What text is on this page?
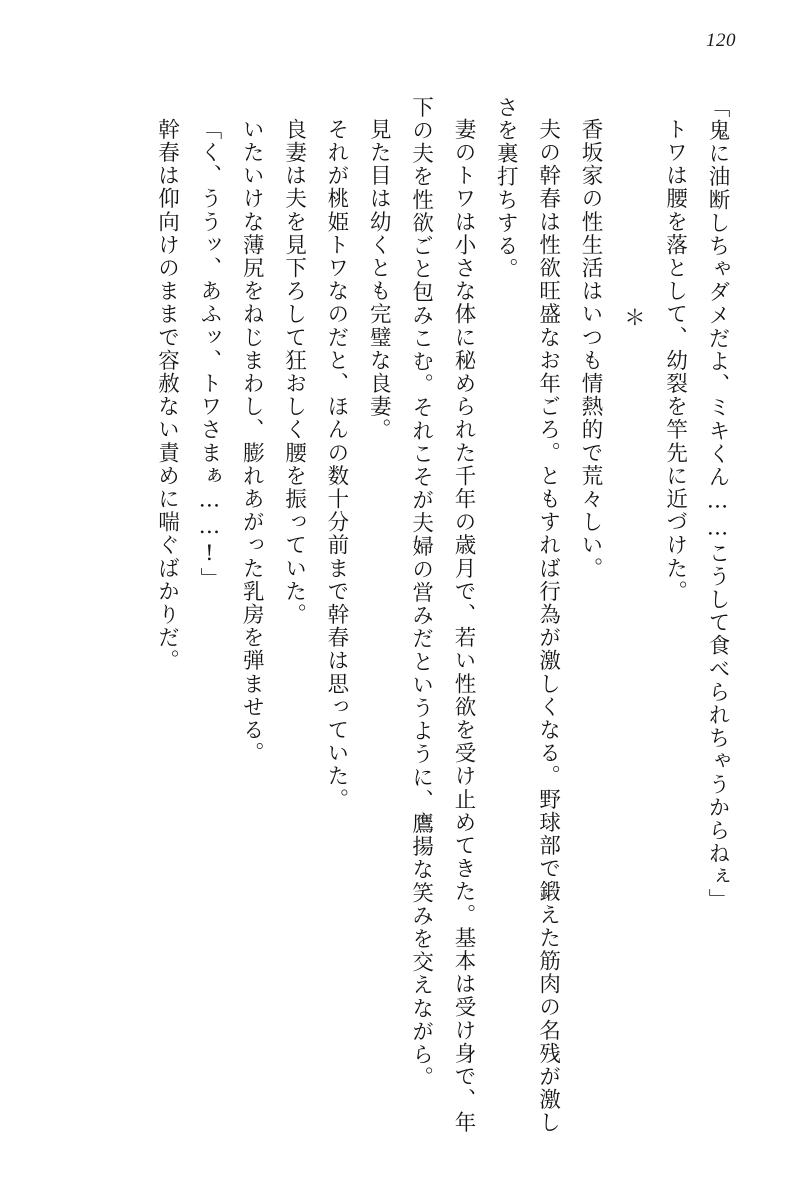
120

「鬼に油断しちゃダメだよ、ミキくん……こうして食べられちゃうからねぇ」

トワは腰を落として、幼裂を竿先に近づけた。

＊

香坂家の性生活はいつも情熱的で荒々しい。

夫の幹春は性欲旺盛なお年ごろ。ともすれば行為が激しくなる。野球部で鍛えた筋肉の名残が激しさを裏打ちする。

妻のトワは小さな体に秘められた千年の歳月で、若い性欲を受け止めてきた。基本は受け身で、年下の夫を性欲ごと包みこむ。それこそが夫婦の営みだというように、鷹揚な笑みを交えながら。

見た目は幼くとも完璧な良妻。

それが桃姫トワなのだと、ほんの数十分前まで幹春は思っていた。

良妻は夫を見下ろして狂おしく腰を振っていた。

いたいけな薄尻をねじまわし、膨れあがった乳房を弾ませる。

「く、ううッ、あふッ、トワさまぁ……!」

幹春は仰向けのままで容赦ない責めに喘ぐばかりだ。
